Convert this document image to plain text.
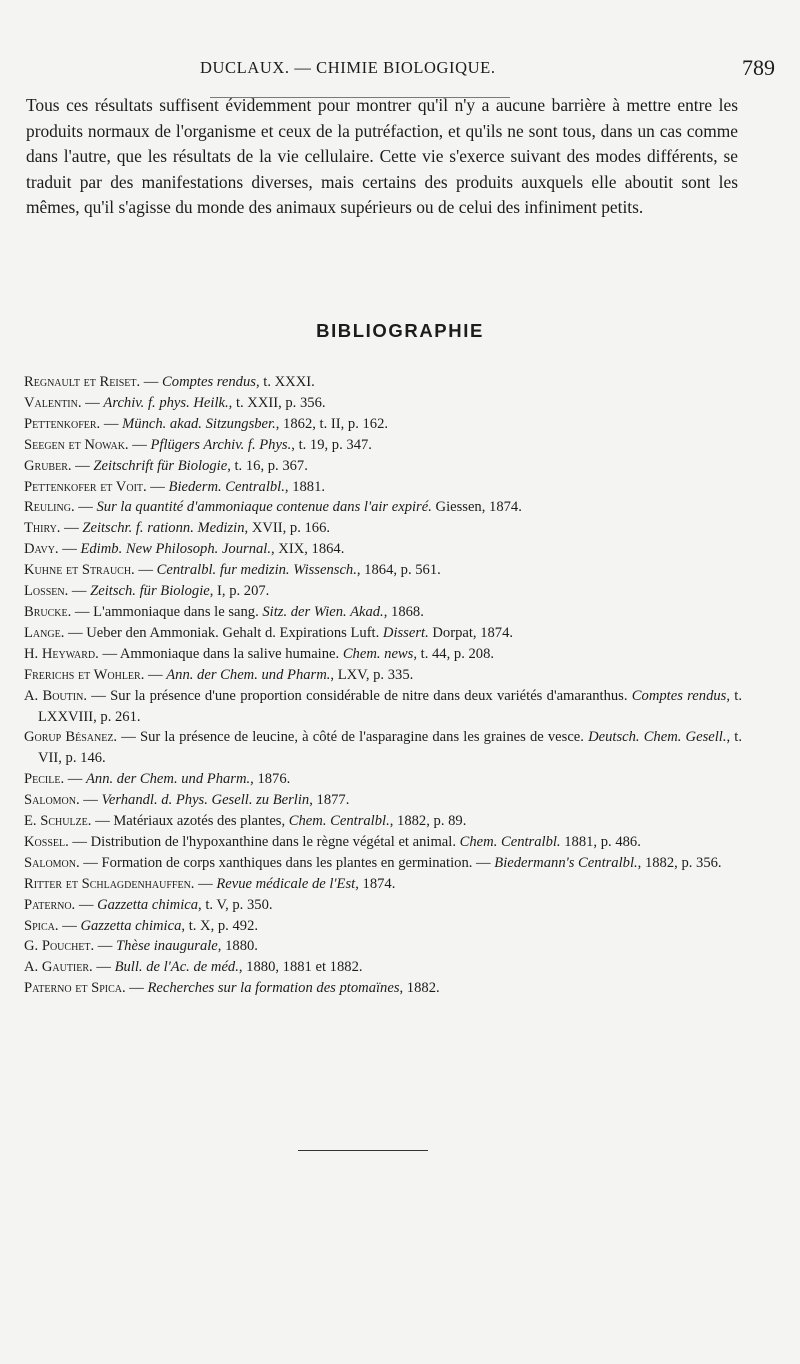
DUCLAUX. — CHIMIE BIOLOGIQUE.	789

Tous ces résultats suffisent évidemment pour montrer qu'il n'y a aucune barrière à mettre entre les produits normaux de l'organisme et ceux de la putréfaction, et qu'ils ne sont tous, dans un cas comme dans l'autre, que les résultats de la vie cellulaire. Cette vie s'exerce suivant des modes différents, se traduit par des manifestations diverses, mais certains des produits auxquels elle aboutit sont les mêmes, qu'il s'agisse du monde des animaux supérieurs ou de celui des infiniment petits.

BIBLIOGRAPHIE
Regnault et Reiset. — Comptes rendus, t. XXXI.
Valentin. — Archiv. f. phys. Heilk., t. XXII, p. 356.
Pettenkofer. — Münch. akad. Sitzungsber., 1862, t. II, p. 162.
Seegen et Nowak. — Pflügers Archiv. f. Phys., t. 19, p. 347.
Gruber. — Zeitschrift für Biologie, t. 16, p. 367.
Pettenkofer et Voit. — Biederm. Centralbl., 1881.
Reuling. — Sur la quantité d'ammoniaque contenue dans l'air expiré. Giessen, 1874.
Thiry. — Zeitschr. f. rationn. Medizin, XVII, p. 166.
Davy. — Edimb. New Philosoph. Journal., XIX, 1864.
Kuhne et Strauch. — Centralbl. fur medizin. Wissensch., 1864, p. 561.
Lossen. — Zeitsch. für Biologie, I, p. 207.
Brucke. — L'ammoniaque dans le sang. Sitz. der Wien. Akad., 1868.
Lange. — Ueber den Ammoniak. Gehalt d. Expirations Luft. Dissert. Dorpat, 1874.
H. Heyward. — Ammoniaque dans la salive humaine. Chem. news, t. 44, p. 208.
Frerichs et Wohler. — Ann. der Chem. und Pharm., LXV, p. 335.
A. Boutin. — Sur la présence d'une proportion considérable de nitre dans deux variétés d'amaranthus. Comptes rendus, t. LXXVIII, p. 261.
Gorup Bésanez. — Sur la présence de leucine, à côté de l'asparagine dans les graines de vesce. Deutsch. Chem. Gesell., t. VII, p. 146.
Pecile. — Ann. der Chem. und Pharm., 1876.
Salomon. — Verhandl. d. Phys. Gesell. zu Berlin, 1877.
E. Schulze. — Matériaux azotés des plantes, Chem. Centralbl., 1882, p. 89.
Kossel. — Distribution de l'hypoxanthine dans le règne végétal et animal. Chem. Centralbl. 1881, p. 486.
Salomon. — Formation de corps xanthiques dans les plantes en germination. — Biedermann's Centralbl., 1882, p. 356.
Ritter et Schlagdenhauffen. — Revue médicale de l'Est, 1874.
Paterno. — Gazzetta chimica, t. V, p. 350.
Spica. — Gazzetta chimica, t. X, p. 492.
G. Pouchet. — Thèse inaugurale, 1880.
A. Gautier. — Bull. de l'Ac. de méd., 1880, 1881 et 1882.
Paterno et Spica. — Recherches sur la formation des ptomaïnes, 1882.
